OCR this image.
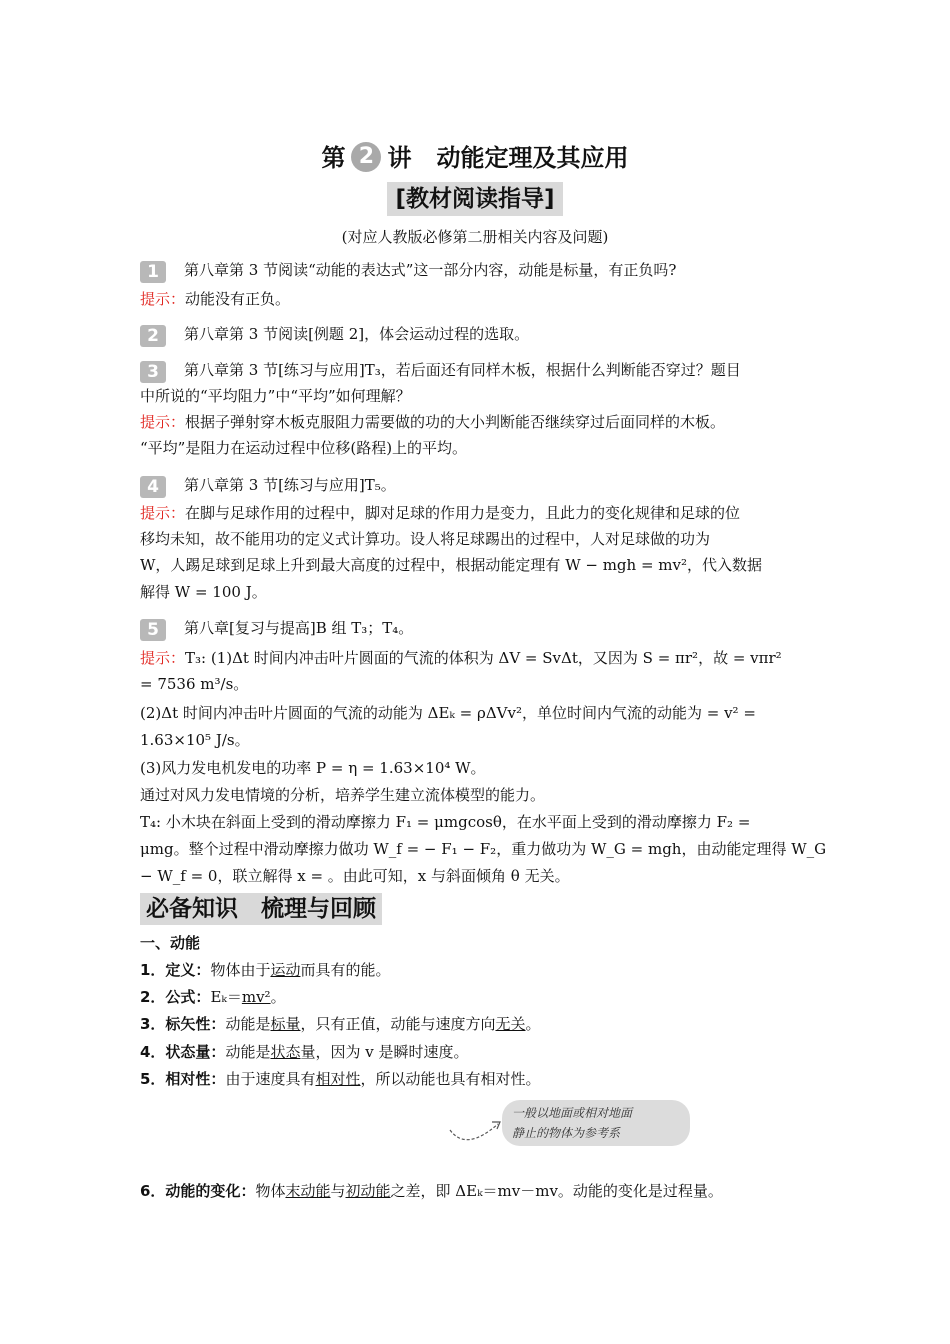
第 2 讲 动能定理及其应用
[教材阅读指导]
(对应人教版必修第二册相关内容及问题)
1 第八章第 3 节阅读“动能的表达式”这一部分内容，动能是标量，有正负吗?
提示：动能没有正负。
2 第八章第 3 节阅读[例题 2]，体会运动过程的选取。
3 第八章第 3 节[练习与应用]T₃，若后面还有同样木板，根据什么判断能否穿过？题目
中所说的“平均阻力”中“平均”如何理解？
提示：根据子弹射穿木板克服阻力需要做的功的大小判断能否继续穿过后面同样的木板。
“平均”是阻力在运动过程中位移(路程)上的平均。
4 第八章第 3 节[练习与应用]T₅。
提示：在脚与足球作用的过程中，脚对足球的作用力是变力，且此力的变化规律和足球的位
移均未知，故不能用功的定义式计算功。设人将足球踢出的过程中，人对足球做的功为
W，人踢足球到足球上升到最大高度的过程中，根据动能定理有 W − mgh = mv²，代入数据
解得 W = 100 J。
5 第八章[复习与提高]B 组 T₃；T₄。
提示：T₃: (1)Δt 时间内冲击叶片圆面的气流的体积为 ΔV = SvΔt，又因为 S = πr²，故 = vπr²
= 7536 m³/s。
(2)Δt 时间内冲击叶片圆面的气流的动能为 ΔEₖ = ρΔVv²，单位时间内气流的动能为 = v² =
1.63×10⁵ J/s。
(3)风力发电机发电的功率 P = η = 1.63×10⁴ W。
通过对风力发电情境的分析，培养学生建立流体模型的能力。
T₄: 小木块在斜面上受到的滑动摩擦力 F₁ = μmgcosθ，在水平面上受到的滑动摩擦力 F₂ =
μmg。整个过程中滑动摩擦力做功 W_f = − F₁ − F₂，重力做功为 W_G = mgh，由动能定理得 W_G
− W_f = 0，联立解得 x = 。由此可知，x 与斜面倾角 θ 无关。
必备知识　梳理与回顾
一、动能
1．定义：物体由于运动而具有的能。
2．公式：Eₖ＝mv²。
3．标矢性：动能是标量，只有正值，动能与速度方向无关。
4．状态量：动能是状态量，因为 v 是瞬时速度。
5．相对性：由于速度具有相对性，所以动能也具有相对性。
一般以地面或相对地面
静止的物体为参考系
6．动能的变化：物体末动能与初动能之差，即 ΔEₖ＝mv－mv。动能的变化是过程量。
